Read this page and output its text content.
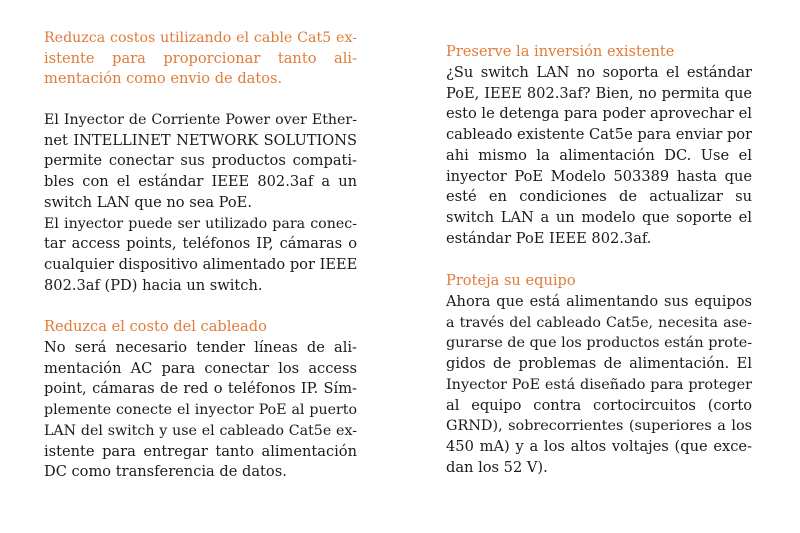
Reduzca costos utilizando el cable Cat5 ex-
istente para proporcionar tanto ali-
mentación como envio de datos.
El Inyector de Corriente Power over Ether-
net INTELLINET NETWORK SOLUTIONS
permite conectar sus productos compati-
bles con el estándar IEEE 802.3af a un
switch LAN que no sea PoE.
El inyector puede ser utilizado para conec-
tar access points, teléfonos IP, cámaras o
cualquier dispositivo alimentado por IEEE
802.3af (PD) hacia un switch.
Reduzca el costo del cableado
No será necesario tender líneas de ali-
mentación AC para conectar los access
point, cámaras de red o teléfonos IP. Sím-
plemente conecte el inyector PoE al puerto
LAN del switch y use el cableado Cat5e ex-
istente para entregar tanto alimentación
DC como transferencia de datos.
Preserve la inversión existente
¿Su switch LAN no soporta el estándar
PoE, IEEE 802.3af? Bien, no permita que
esto le detenga para poder aprovechar el
cableado existente Cat5e para enviar por
ahi mismo la alimentación DC. Use el
inyector PoE Modelo 503389 hasta que
esté en condiciones de actualizar su
switch LAN a un modelo que soporte el
estándar PoE IEEE 802.3af.
Proteja su equipo
Ahora que está alimentando sus equipos
a través del cableado Cat5e, necesita ase-
gurarse de que los productos están prote-
gidos de problemas de alimentación. El
Inyector PoE está diseñado para proteger
al equipo contra cortocircuitos (corto
GRND), sobrecorrientes (superiores a los
450 mA) y a los altos voltajes (que exce-
dan los 52 V).
